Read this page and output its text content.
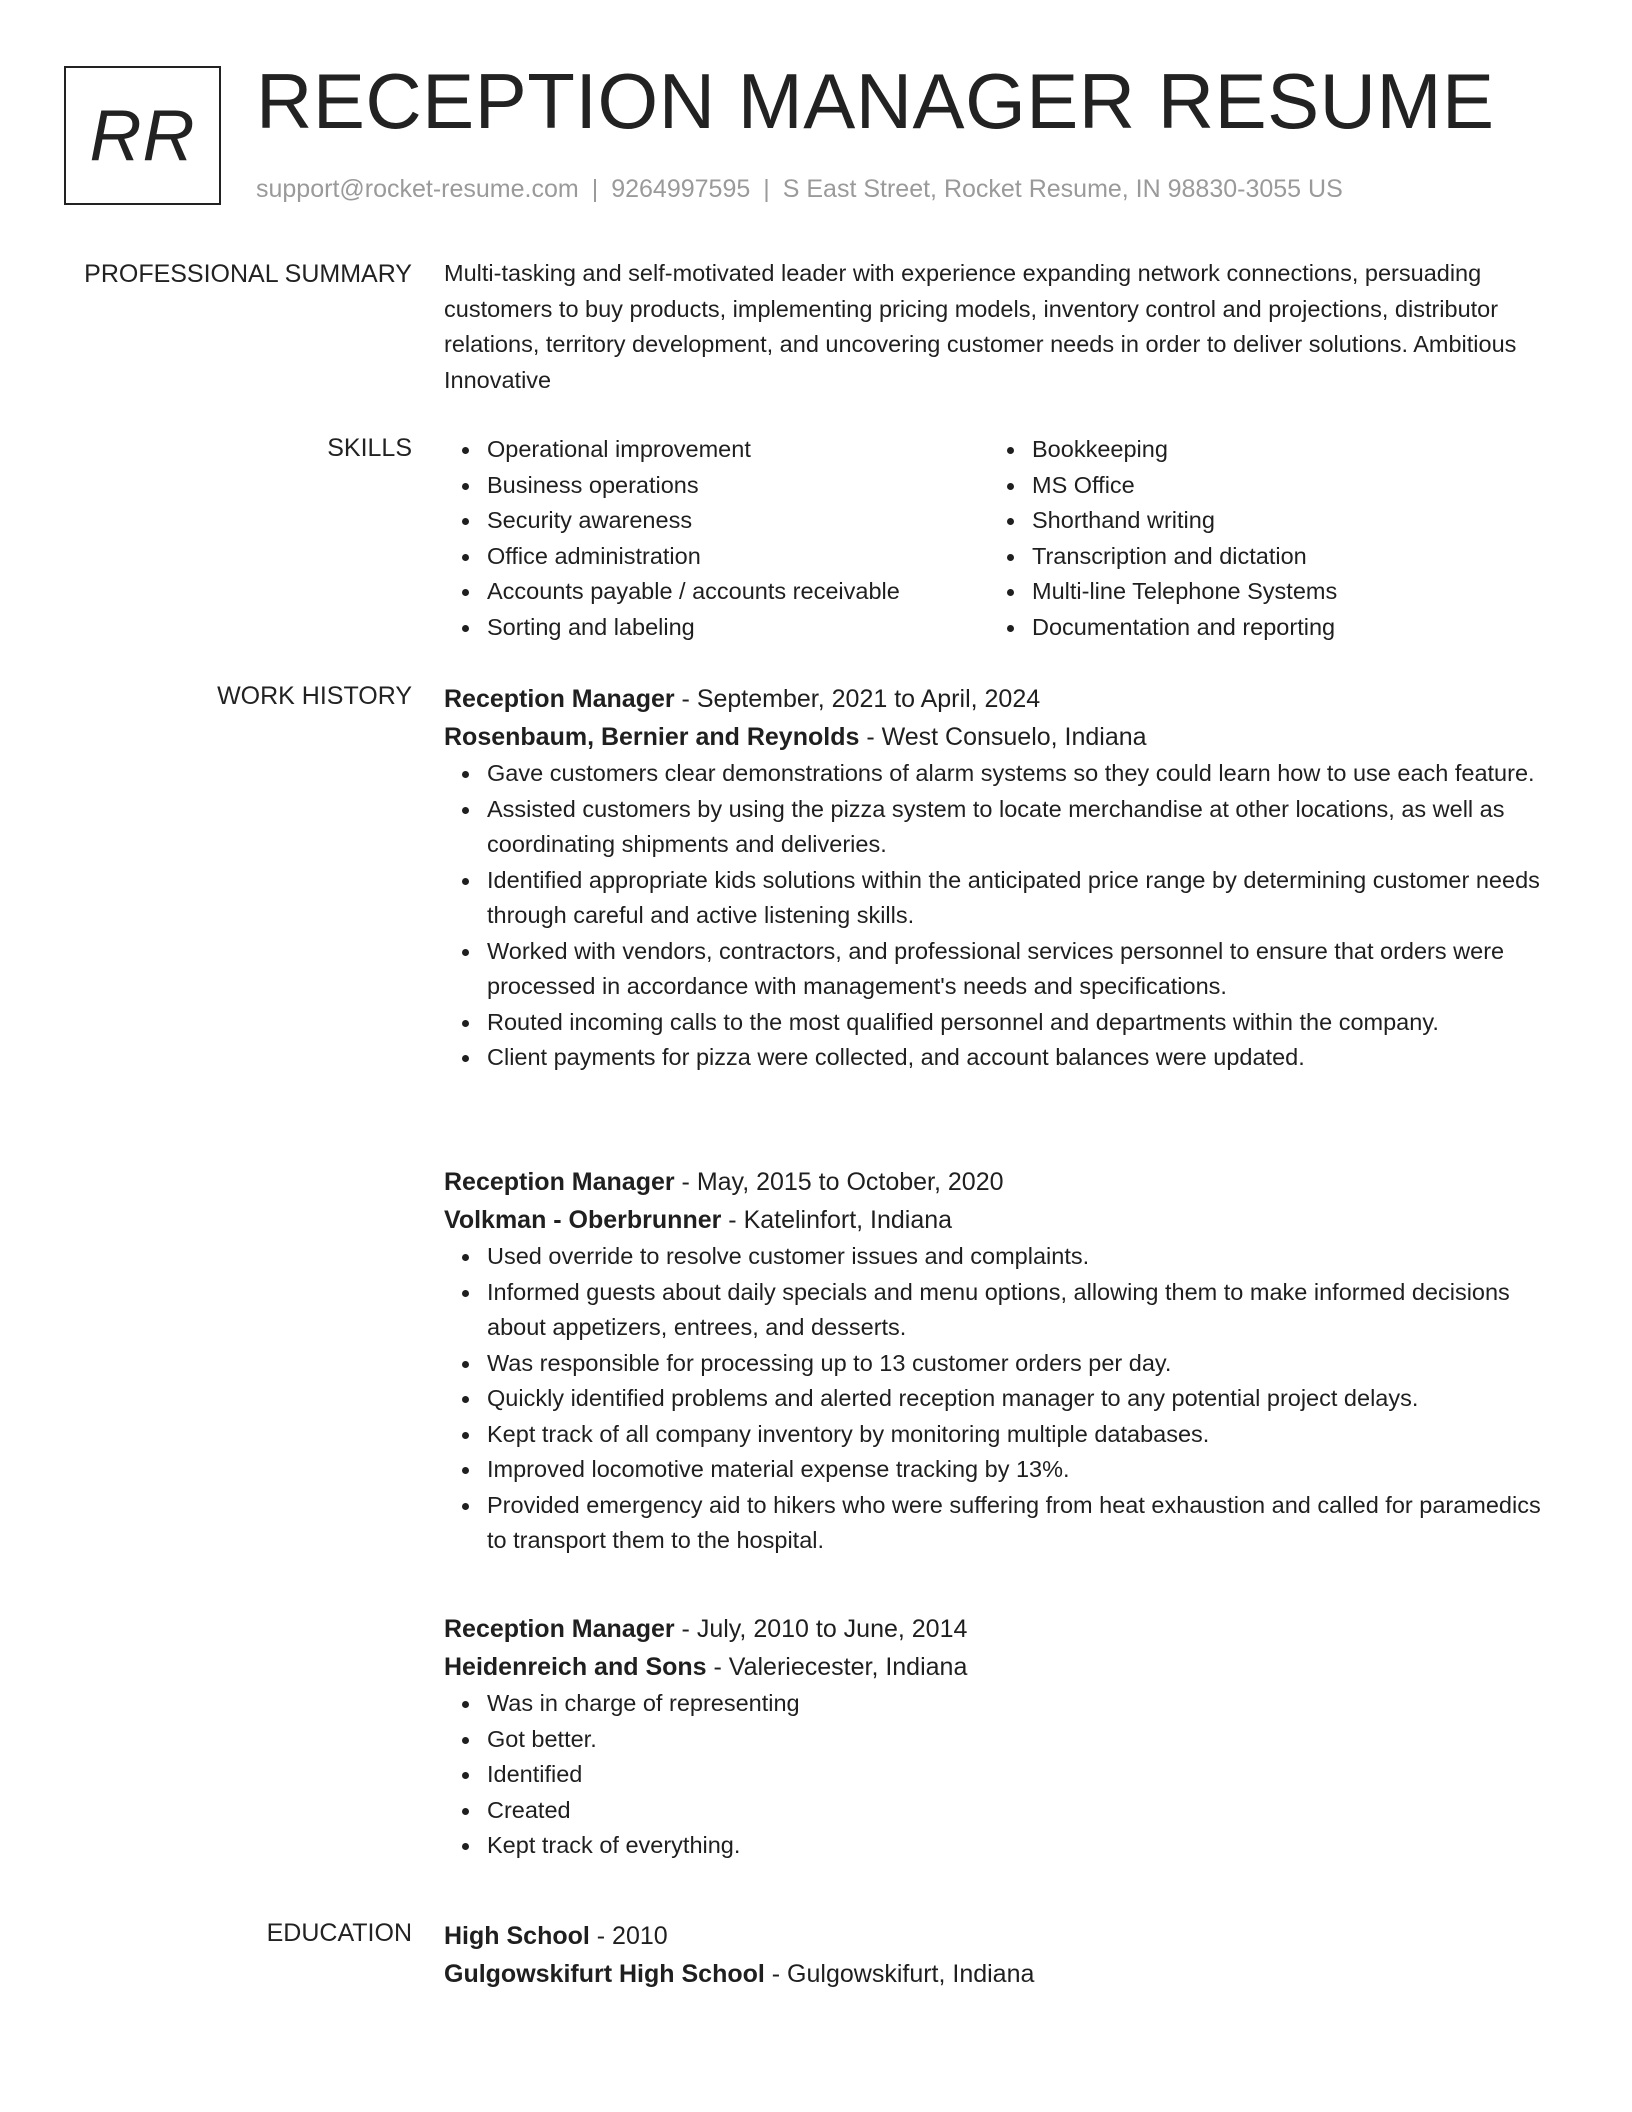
RR RECEPTION MANAGER RESUME
support@rocket-resume.com | 9264997595 | S East Street, Rocket Resume, IN 98830-3055 US
PROFESSIONAL SUMMARY Multi-tasking and self-motivated leader with experience expanding network connections, persuading customers to buy products, implementing pricing models, inventory control and projections, distributor relations, territory development, and uncovering customer needs in order to deliver solutions. Ambitious Innovative
SKILLS	Operational improvement
Business operations
Security awareness
Office administration
Accounts payable / accounts receivable
Sorting and labeling
Bookkeeping
MS Office
Shorthand writing
Transcription and dictation
Multi-line Telephone Systems
Documentation and reporting
WORK HISTORY Reception Manager - September, 2021 to April, 2024
Rosenbaum, Bernier and Reynolds - West Consuelo, Indiana
Gave customers clear demonstrations of alarm systems so they could learn how to use each feature.
Assisted customers by using the pizza system to locate merchandise at other locations, as well as coordinating shipments and deliveries.
Identified appropriate kids solutions within the anticipated price range by determining customer needs through careful and active listening skills.
Worked with vendors, contractors, and professional services personnel to ensure that orders were processed in accordance with management's needs and specifications.
Routed incoming calls to the most qualified personnel and departments within the company.
Client payments for pizza were collected, and account balances were updated.
Reception Manager - May, 2015 to October, 2020
Volkman - Oberbrunner - Katelinfort, Indiana
Used override to resolve customer issues and complaints.
Informed guests about daily specials and menu options, allowing them to make informed decisions about appetizers, entrees, and desserts.
Was responsible for processing up to 13 customer orders per day.
Quickly identified problems and alerted reception manager to any potential project delays.
Kept track of all company inventory by monitoring multiple databases.
Improved locomotive material expense tracking by 13%.
Provided emergency aid to hikers who were suffering from heat exhaustion and called for paramedics to transport them to the hospital.
Reception Manager - July, 2010 to June, 2014
Heidenreich and Sons - Valeriecester, Indiana
Was in charge of representing
Got better.
Identified
Created
Kept track of everything.
EDUCATION High School - 2010
Gulgowskifurt High School - Gulgowskifurt, Indiana
